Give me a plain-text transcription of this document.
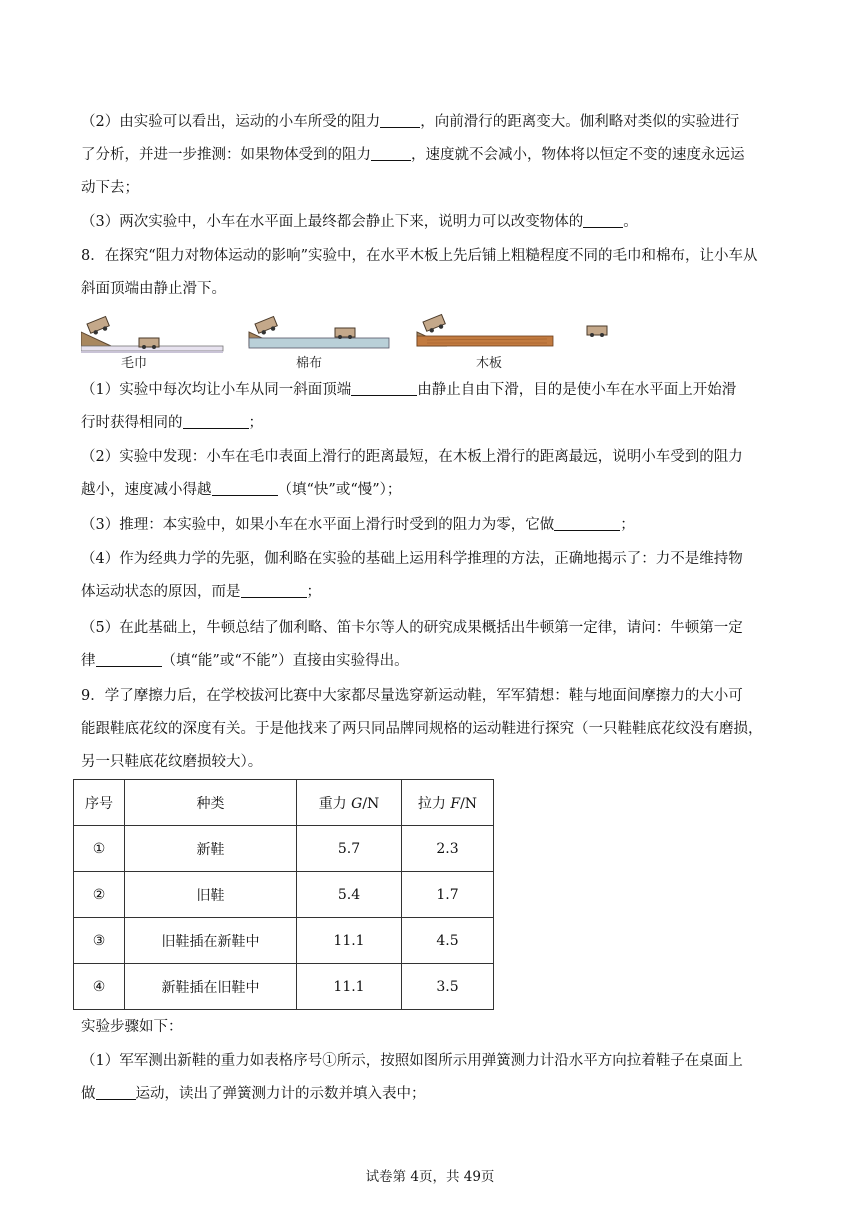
（2）由实验可以看出，运动的小车所受的阻力	，向前滑行的距离变大。伽利略对类似的实验进行
了分析，并进一步推测：如果物体受到的阻力	，速度就不会减小，物体将以恒定不变的速度永远运
动下去；

（3）两次实验中，小车在水平面上最终都会静止下来，说明力可以改变物体的	。

8．在探究“阻力对物体运动的影响”实验中，在水平木板上先后铺上粗糙程度不同的毛巾和棉布，让小车从
斜面顶端由静止滑下。

毛巾	棉布	木板

（1）实验中每次均让小车从同一斜面顶端	由静止自由下滑，目的是使小车在水平面上开始滑
行时获得相同的	；

（2）实验中发现：小车在毛巾表面上滑行的距离最短，在木板上滑行的距离最远，说明小车受到的阻力
越小，速度减小得越	（填“快”或“慢”）；

（3）推理：本实验中，如果小车在水平面上滑行时受到的阻力为零，它做	；

（4）作为经典力学的先驱，伽利略在实验的基础上运用科学推理的方法，正确地揭示了：力不是维持物
体运动状态的原因，而是	；

（5）在此基础上，牛顿总结了伽利略、笛卡尔等人的研究成果概括出牛顿第一定律，请问：牛顿第一定
律	（填“能”或“不能”）直接由实验得出。

9．学了摩擦力后，在学校拔河比赛中大家都尽量选穿新运动鞋，军军猜想：鞋与地面间摩擦力的大小可
能跟鞋底花纹的深度有关。于是他找来了两只同品牌同规格的运动鞋进行探究（一只鞋鞋底花纹没有磨损，
另一只鞋底花纹磨损较大）。

序号	种类	重力 G/N	拉力 F/N
①	新鞋	5.7	2.3
②	旧鞋	5.4	1.7
③	旧鞋插在新鞋中	11.1	4.5
④	新鞋插在旧鞋中	11.1	3.5

实验步骤如下：

（1）军军测出新鞋的重力如表格序号①所示，按照如图所示用弹簧测力计沿水平方向拉着鞋子在桌面上
做	运动，读出了弹簧测力计的示数并填入表中；

试卷第 4页，共 49页
